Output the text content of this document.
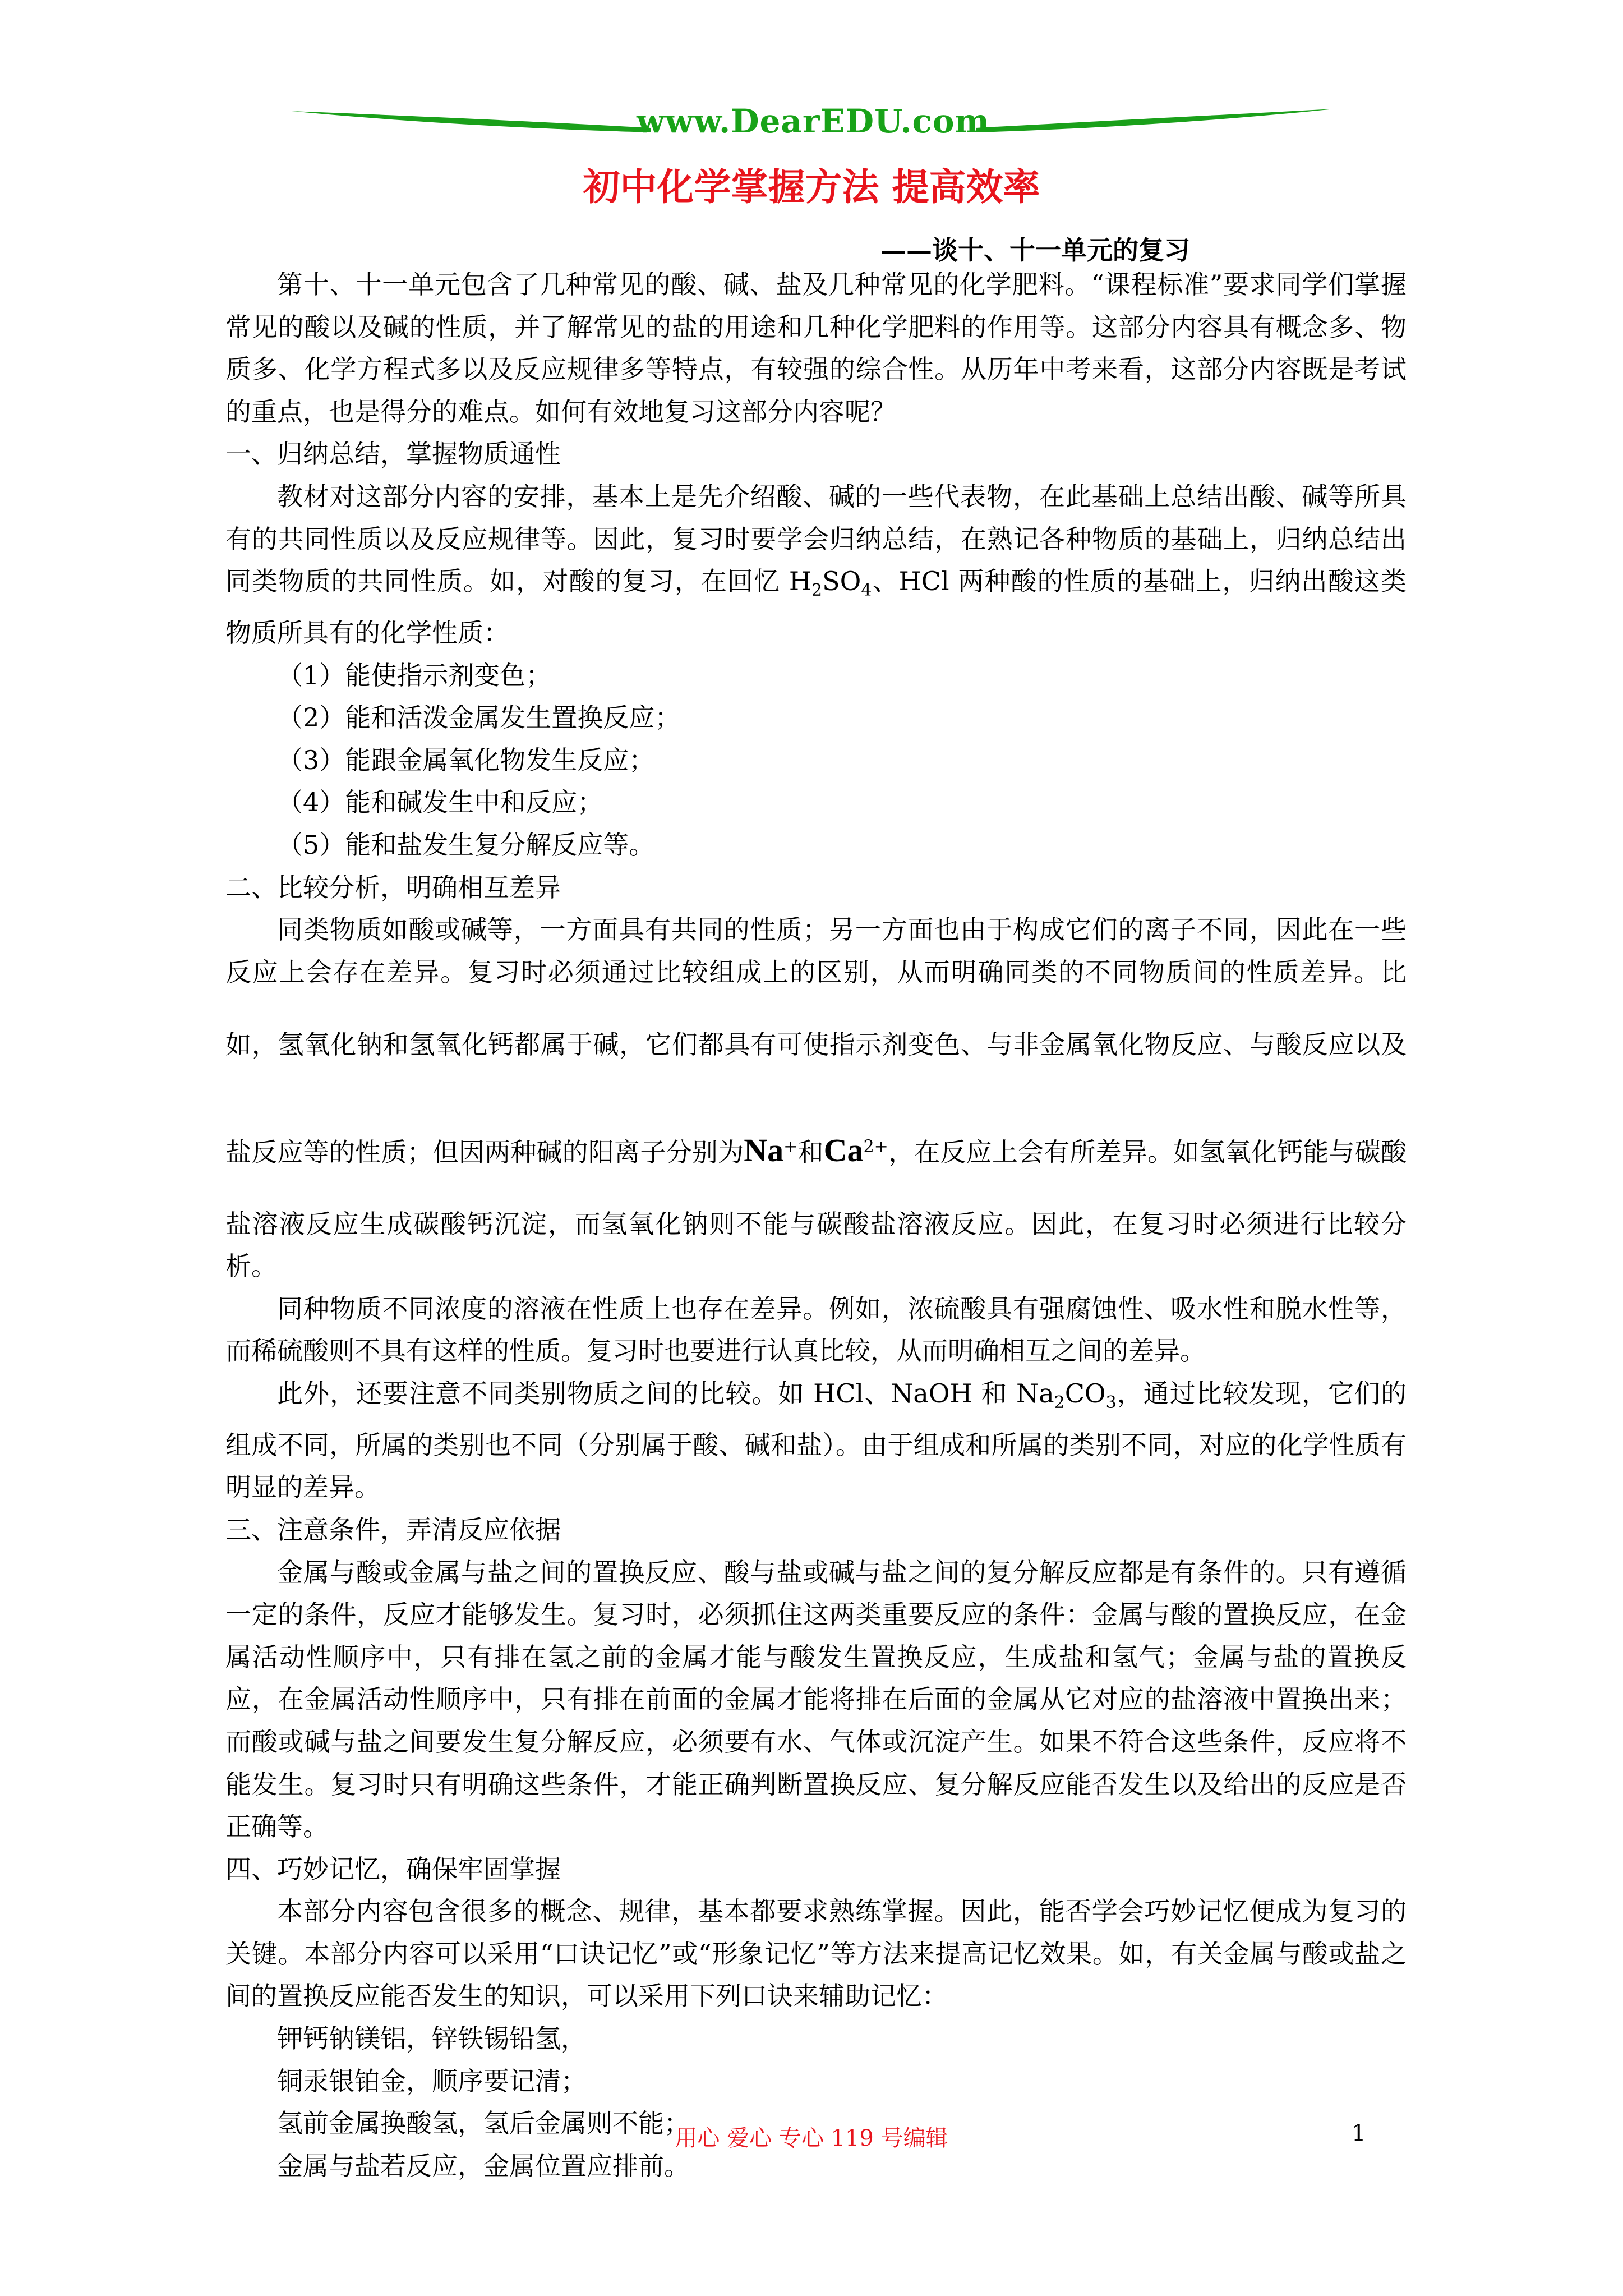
www.DearEDU.com
初中化学掌握方法 提高效率
——谈十、十一单元的复习

第十、十一单元包含了几种常见的酸、碱、盐及几种常见的化学肥料。“课程标准”要求同学们掌握常见的酸以及碱的性质，并了解常见的盐的用途和几种化学肥料的作用等。这部分内容具有概念多、物质多、化学方程式多以及反应规律多等特点，有较强的综合性。从历年中考来看，这部分内容既是考试的重点，也是得分的难点。如何有效地复习这部分内容呢？

一、归纳总结，掌握物质通性

教材对这部分内容的安排，基本上是先介绍酸、碱的一些代表物，在此基础上总结出酸、碱等所具有的共同性质以及反应规律等。因此，复习时要学会归纳总结，在熟记各种物质的基础上，归纳总结出同类物质的共同性质。如，对酸的复习，在回忆 $H_2SO_4$、HCl 两种酸的性质的基础上，归纳出酸这类物质所具有的化学性质：

（1）能使指示剂变色；

（2）能和活泼金属发生置换反应；

（3）能跟金属氧化物发生反应；

（4）能和碱发生中和反应；

（5）能和盐发生复分解反应等。

二、比较分析，明确相互差异

同类物质如酸或碱等，一方面具有共同的性质；另一方面也由于构成它们的离子不同，因此在一些反应上会存在差异。复习时必须通过比较组成上的区别，从而明确同类的不同物质间的性质差异。比如，氢氧化钠和氢氧化钙都属于碱，它们都具有可使指示剂变色、与非金属氧化物反应、与酸反应以及盐反应等的性质；但因两种碱的阳离子分别为Na+和$Ca^{2+}$，在反应上会有所差异。如氢氧化钙能与碳酸盐溶液反应生成碳酸钙沉淀，而氢氧化钠则不能与碳酸盐溶液反应。因此，在复习时必须进行比较分析。

同种物质不同浓度的溶液在性质上也存在差异。例如，浓硫酸具有强腐蚀性、吸水性和脱水性等，而稀硫酸则不具有这样的性质。复习时也要进行认真比较，从而明确相互之间的差异。

此外，还要注意不同类别物质之间的比较。如 HCl、NaOH 和 $Na_2CO_3$，通过比较发现，它们的组成不同，所属的类别也不同（分别属于酸、碱和盐）。由于组成和所属的类别不同，对应的化学性质有明显的差异。

三、注意条件，弄清反应依据

金属与酸或金属与盐之间的置换反应、酸与盐或碱与盐之间的复分解反应都是有条件的。只有遵循一定的条件，反应才能够发生。复习时，必须抓住这两类重要反应的条件：金属与酸的置换反应，在金属活动性顺序中，只有排在氢之前的金属才能与酸发生置换反应，生成盐和氢气；金属与盐的置换反应，在金属活动性顺序中，只有排在前面的金属才能将排在后面的金属从它对应的盐溶液中置换出来；而酸或碱与盐之间要发生复分解反应，必须要有水、气体或沉淀产生。如果不符合这些条件，反应将不能发生。复习时只有明确这些条件，才能正确判断置换反应、复分解反应能否发生以及给出的反应是否正确等。

四、巧妙记忆，确保牢固掌握

本部分内容包含很多的概念、规律，基本都要求熟练掌握。因此，能否学会巧妙记忆便成为复习的关键。本部分内容可以采用“口诀记忆”或“形象记忆”等方法来提高记忆效果。如，有关金属与酸或盐之间的置换反应能否发生的知识，可以采用下列口诀来辅助记忆：

钾钙钠镁铝，锌铁锡铅氢，

铜汞银铂金，顺序要记清；

氢前金属换酸氢，氢后金属则不能；

金属与盐若反应，金属位置应排前。

用心 爱心 专心 119 号编辑	1
